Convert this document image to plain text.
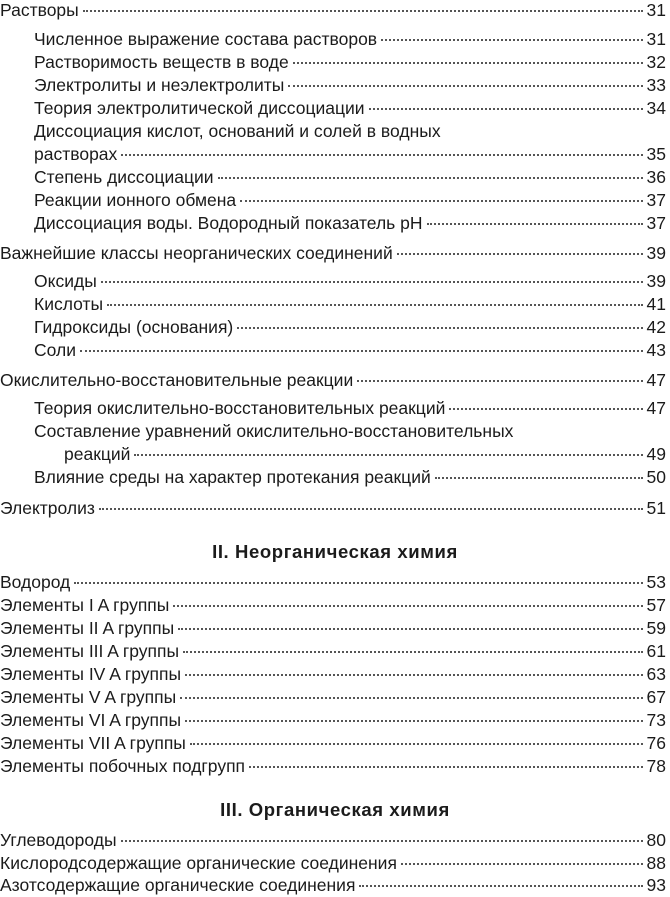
Растворы	31
Численное выражение состава растворов	31
Растворимость веществ в воде	32
Электролиты и неэлектролиты	33
Теория электролитической диссоциации	34
Диссоциация кислот, оснований и солей в водных
растворах	35
Степень диссоциации	36
Реакции ионного обмена	37
Диссоциация воды. Водородный показатель pH	37
Важнейшие классы неорганических соединений	39
Оксиды	39
Кислоты	41
Гидроксиды (основания)	42
Соли	43
Окислительно-восстановительные реакции	47
Теория окислительно-восстановительных реакций	47
Составление уравнений окислительно-восстановительных
реакций	49
Влияние среды на характер протекания реакций	50
Электролиз	51
II. Неорганическая химия
Водород	53
Элементы I A группы	57
Элементы II A группы	59
Элементы III A группы	61
Элементы IV A группы	63
Элементы V A группы	67
Элементы VI A группы	73
Элементы VII A группы	76
Элементы побочных подгрупп	78
III. Органическая химия
Углеводороды	80
Кислородсодержащие органические соединения	88
Азотсодержащие органические соединения	93
